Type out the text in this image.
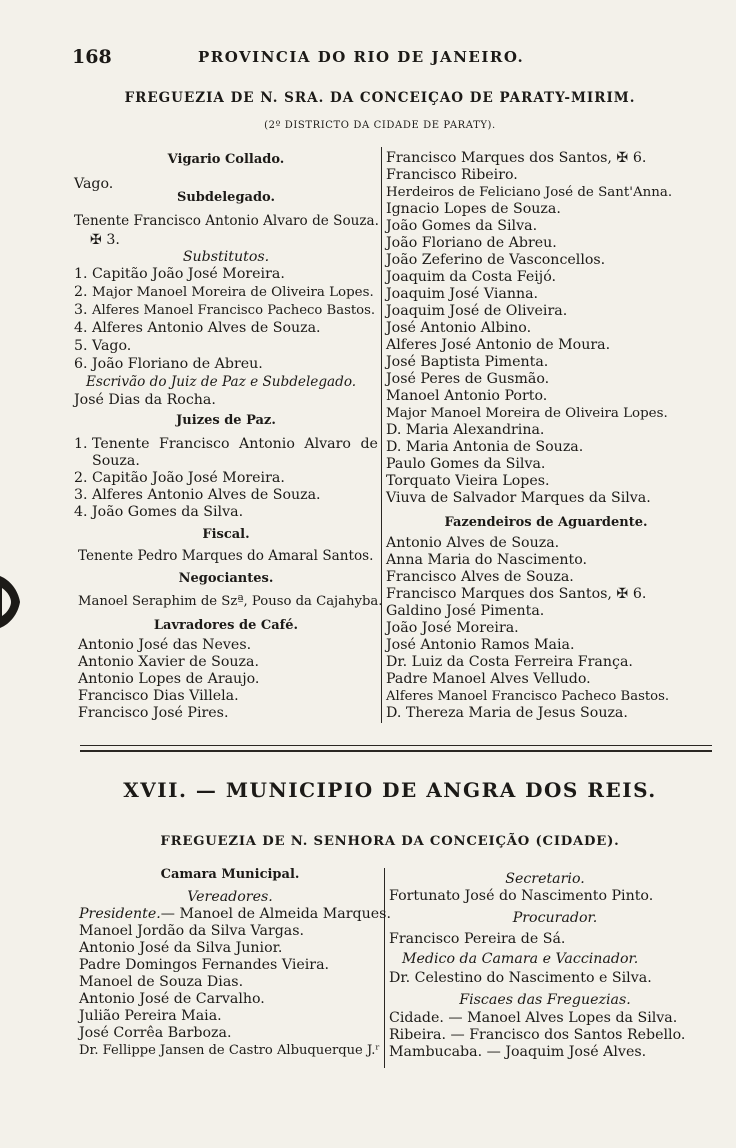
168	PROVINCIA DO RIO DE JANEIRO.
FREGUEZIA DE N. SRA. DA CONCEIÇAO DE PARATY-MIRIM.
(2º DISTRICTO DA CIDADE DE PARATY).
Vigario Collado.
Vago.
Subdelegado.
Tenente Francisco Antonio Alvaro de Souza.
✠ 3.
Substitutos.
1. Capitão João José Moreira.
2. Major Manoel Moreira de Oliveira Lopes.
3. Alferes Manoel Francisco Pacheco Bastos.
4. Alferes Antonio Alves de Souza.
5. Vago.
6. João Floriano de Abreu.
Escrivão do Juiz de Paz e Subdelegado.
José Dias da Rocha.
Juizes de Paz.
1. Tenente Francisco Antonio Alvaro de
Souza.
2. Capitão João José Moreira.
3. Alferes Antonio Alves de Souza.
4. João Gomes da Silva.
Fiscal.
Tenente Pedro Marques do Amaral Santos.
Negociantes.
Manoel Seraphim de Szª, Pouso da Cajahyba.
Lavradores de Café.
Antonio José das Neves.
Antonio Xavier de Souza.
Antonio Lopes de Araujo.
Francisco Dias Villela.
Francisco José Pires.
Francisco Marques dos Santos, ✠ 6.
Francisco Ribeiro.
Herdeiros de Feliciano José de Sant'Anna.
Ignacio Lopes de Souza.
João Gomes da Silva.
João Floriano de Abreu.
João Zeferino de Vasconcellos.
Joaquim da Costa Feijó.
Joaquim José Vianna.
Joaquim José de Oliveira.
José Antonio Albino.
Alferes José Antonio de Moura.
José Baptista Pimenta.
José Peres de Gusmão.
Manoel Antonio Porto.
Major Manoel Moreira de Oliveira Lopes.
D. Maria Alexandrina.
D. Maria Antonia de Souza.
Paulo Gomes da Silva.
Torquato Vieira Lopes.
Viuva de Salvador Marques da Silva.
Fazendeiros de Aguardente.
Antonio Alves de Souza.
Anna Maria do Nascimento.
Francisco Alves de Souza.
Francisco Marques dos Santos, ✠ 6.
Galdino José Pimenta.
João José Moreira.
José Antonio Ramos Maia.
Dr. Luiz da Costa Ferreira França.
Padre Manoel Alves Velludo.
Alferes Manoel Francisco Pacheco Bastos.
D. Thereza Maria de Jesus Souza.
XVII. — MUNICIPIO DE ANGRA DOS REIS.
FREGUEZIA DE N. SENHORA DA CONCEIÇÃO (CIDADE).
Camara Municipal.
Vereadores.
Presidente.— Manoel de Almeida Marques.
Manoel Jordão da Silva Vargas.
Antonio José da Silva Junior.
Padre Domingos Fernandes Vieira.
Manoel de Souza Dias.
Antonio José de Carvalho.
Julião Pereira Maia.
José Corrêa Barboza.
Dr. Fellippe Jansen de Castro Albuquerque J.ʳ
Secretario.
Fortunato José do Nascimento Pinto.
Procurador.
Francisco Pereira de Sá.
Medico da Camara e Vaccinador.
Dr. Celestino do Nascimento e Silva.
Fiscaes das Freguezias.
Cidade. — Manoel Alves Lopes da Silva.
Ribeira. — Francisco dos Santos Rebello.
Mambucaba. — Joaquim José Alves.
